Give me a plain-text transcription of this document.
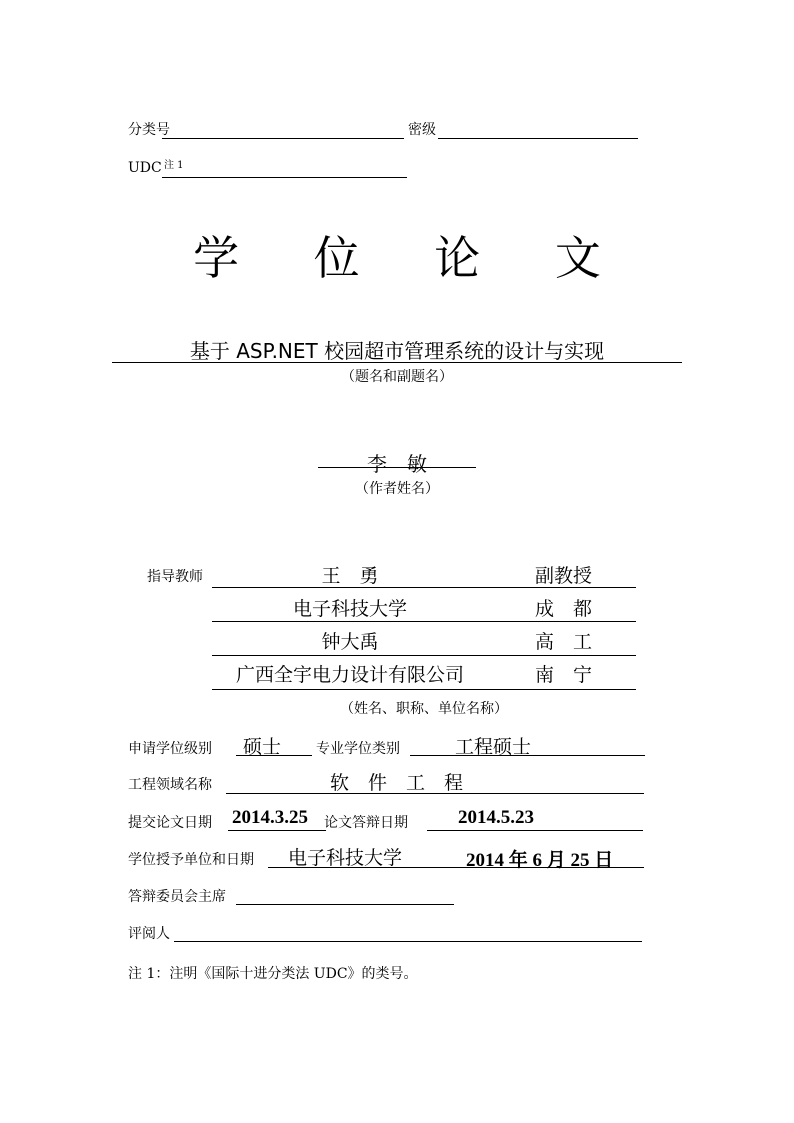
分类号	密级
UDC 注 1
学 位 论 文
基于 ASP.NET 校园超市管理系统的设计与实现
（题名和副题名）
李　敏
（作者姓名）
指导教师	王　勇	副教授
电子科技大学	成　都
钟大禹	高　工
广西全宇电力设计有限公司	南　宁
（姓名、职称、单位名称）
申请学位级别 硕士 专业学位类别	工程硕士
工程领域名称	软　件　工　程
提交论文日期 2014.3.25 论文答辩日期	2014.5.23
学位授予单位和日期 电子科技大学	2014 年 6 月 25 日
答辩委员会主席
评阅人
注 1：注明《国际十进分类法 UDC》的类号。
